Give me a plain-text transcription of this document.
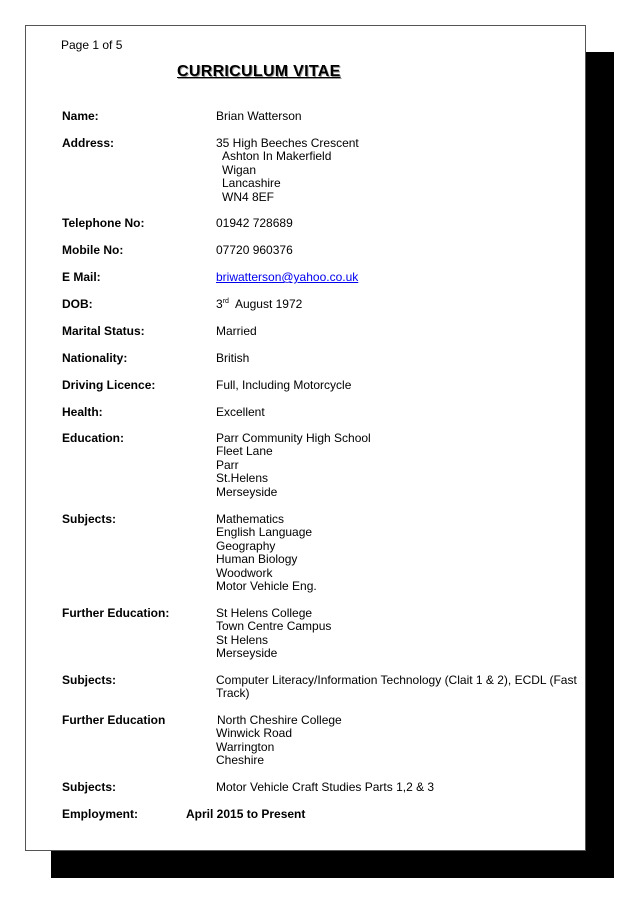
Page 1 of 5
CURRICULUM VITAE
Name:	Brian Watterson
Address:	35 High Beeches Crescent
Ashton In Makerfield
Wigan
Lancashire
WN4 8EF
Telephone No:	01942 728689
Mobile No:	07720 960376
E Mail:	briwatterson@yahoo.co.uk
DOB:	3rd August 1972
Marital Status:	Married
Nationality:	British
Driving Licence:	Full, Including Motorcycle
Health:	Excellent
Education:	Parr Community High School
Fleet Lane
Parr
St.Helens
Merseyside
Subjects:	Mathematics
English Language
Geography
Human Biology
Woodwork
Motor Vehicle Eng.
Further Education:	St Helens College
Town Centre Campus
St Helens
Merseyside
Subjects:	Computer Literacy/Information Technology (Clait 1 & 2), ECDL (Fast Track)
Further Education	North Cheshire College
Winwick Road
Warrington
Cheshire
Subjects:	Motor Vehicle Craft Studies Parts 1,2 & 3
Employment:	April 2015 to Present
